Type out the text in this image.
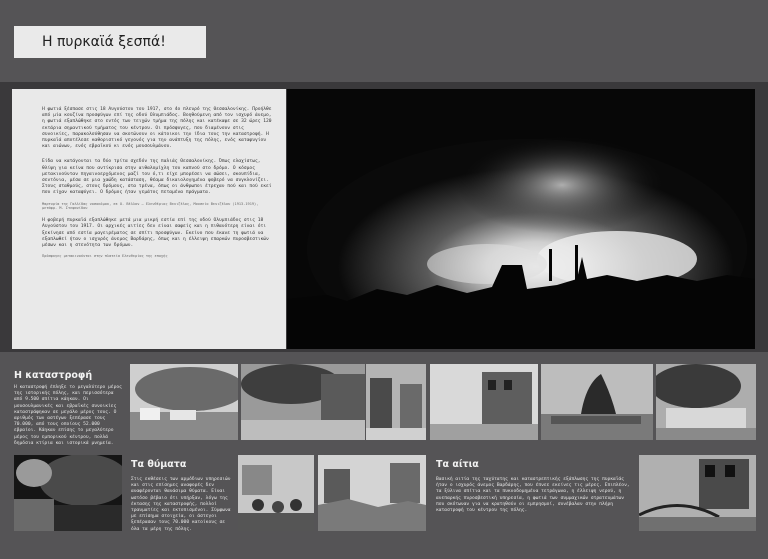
Η πυρκαϊά ξεσπά!

Η φωτιά ξέσπασε στις 18 Αυγούστου του 1917, στο 4ο πλευρό της Θεσσαλονίκης. Προήλθε από μία κουζίνα προσφύγων επί της οδού Ολυμπιάδος. Βοηθούμενη από τον ισχυρό άνεμο, η φωτιά εξαπλώθηκε στο εντός των τειχών τμήμα της πόλης και κατέκαψε σε 32 ώρες 120 εκτάρια σημαντικού τμήματος του κέντρου. Οι πρόσφυγες, που διαμένουν στις συνοικίες, παρακολούθησαν να σκοτώνουν οι κάτοικοι την ίδια τους την καταστροφή. Η πυρκαϊά αποτέλεσε καθοριστικό γεγονός για την ανάπτυξη της πόλης, ενός καταφυγίου και αιώνων, ενός εβραϊκού κι ενός μουσουλμάνου.

Είδα να κατάγονται τα δύο τρίτα σχεδόν της παλιάς Θεσσαλονίκης. Όπως ελαχίστως, θλίψη για κείνα που αντίκρισα στην αιθαλομίχλη του καπνού στο δρόμο. Ο κόσμος μετακινούνταν πηγαινοερχόμενος μαζί του ό,τι είχε μπορέσει να σώσει, σκουπίδια, σεντόνια, μέσα σε μια χαώδη κατάσταση, θέαμα δικαιολογημένα φοβερό να συγκλονίζει. Στους σταθμούς, στους δρόμους, στα τρένα, όπως οι άνθρωποι έτρεχαν πού και πού εκεί που είχαν καταφύγει. Ο δρόμος ήταν γεμάτος πεταμένα πράγματα.

Μαρτυρία της Γαλλίδας νοσοκόμου, σε Ο. Βέλλον – Ελευθέριος Βενιζέλος, Μουσείο Βενιζέλου (1913-1919), μετάφρ. Μ. Στεφανίδου

Η φοβερή πυρκαϊά εξαπλώθηκε μετά μια μικρή εστία επί της οδού Ολυμπιάδος στις 18 Αυγούστου του 1917. Οι αρχικές αιτίες δεν είναι σαφείς και η πιθανότερη είναι ότι ξεκίνησε από εστία μαγειρέματος σε σπίτι προσφύγων. Εκείνο που έκανε τη φωτιά να εξαπλωθεί ήταν ο ισχυρός άνεμος Βαρδάρης, όπως και η έλλειψη επαρκών πυροσβεστικών μέσων και η στενότητα των δρόμων.

Πρόσφυγες μετακινούνται στην πλατεία Ελευθερίας της εποχής
Η καταστροφή
Η καταστροφή έπληξε το μεγαλύτερο μέρος της ιστορικής πόλης, και περισσότερα από 9.500 σπίτια κάηκαν. Οι μουσουλμανικές και εβραϊκές συνοικίες καταστράφηκαν σε μεγάλο μέρος τους. Ο αριθμός των αστέγων ξεπέρασε τους 70.000, από τους οποίους 52.000 εβραίοι. Κάηκαν επίσης το μεγαλύτερο μέρος του εμπορικού κέντρου, πολλά δημόσια κτίρια και ιστορικά μνημεία.
Τα θύματα
Στις εκθέσεις των αρμόδιων υπηρεσιών και στις επίσημες αναφορές δεν αναφέρονται θανάσιμα θύματα. Είναι ωστόσο βέβαιο ότι υπήρξαν, λόγω της έκτασης της καταστροφής, πολλοί τραυματίες και εκτοπισμένοι. Σύμφωνα με επίσημα στοιχεία, οι άστεγοι ξεπέρασαν τους 70.000 κατοίκους σε όλα τα μέρη της πόλης.
Τα αίτια
Βασική αιτία της ταχύτατης και καταστρεπτικής εξάπλωσης της πυρκαϊάς ήταν ο ισχυρός άνεμος Βαρδάρης, που έπνεε εκείνες τις μέρες. Επιπλέον, τα ξύλινα σπίτια και τα πυκνοδομημένα τετράγωνα, η έλλειψη νερού, η ανεπαρκής πυροσβεστική υπηρεσία, η φωτιά των συμμαχικών στρατευμάτων που σκότωναν για να κρατηθούν οι εμπρησμοί, συνέβαλαν στην πλήρη καταστροφή του κέντρου της πόλης.
